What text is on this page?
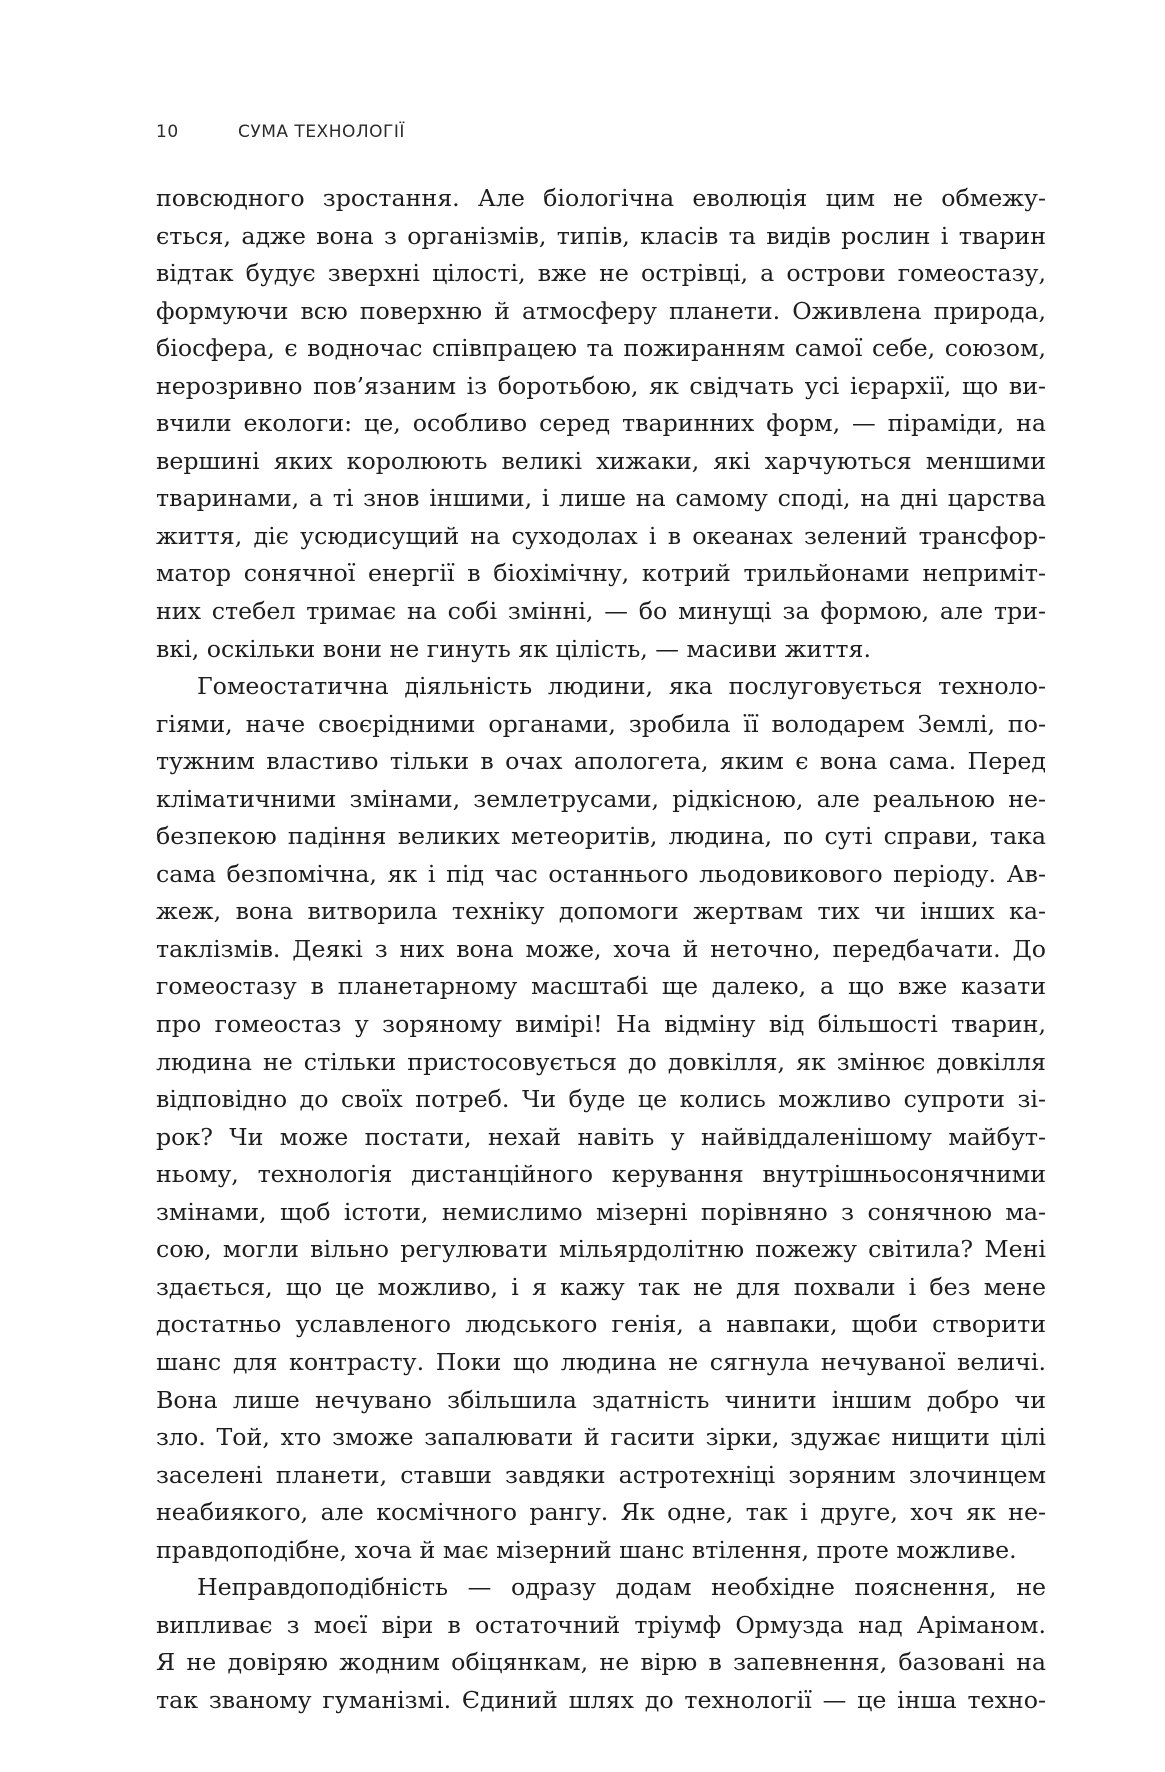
10	СУМА ТЕХНОЛОГІЇ
повсюдного зростання. Але біологічна еволюція цим не обмежу-
ється, адже вона з організмів, типів, класів та видів рослин і тварин
відтак будує зверхні цілості, вже не острівці, а острови гомеостазу,
формуючи всю поверхню й атмосферу планети. Оживлена природа,
біосфера, є водночас співпрацею та пожиранням самої себе, союзом,
нерозривно пов’язаним із боротьбою, як свідчать усі ієрархії, що ви-
вчили екологи: це, особливо серед тваринних форм, — піраміди, на
вершині яких королюють великі хижаки, які харчуються меншими
тваринами, а ті знов іншими, і лише на самому споді, на дні царства
життя, діє усюдисущий на суходолах і в океанах зелений трансфор-
матор сонячної енергії в біохімічну, котрий трильйонами неприміт-
них стебел тримає на собі змінні, — бо минущі за формою, але три-
вкі, оскільки вони не гинуть як цілість, — масиви життя.
Гомеостатична діяльність людини, яка послуговується техноло-
гіями, наче своєрідними органами, зробила її володарем Землі, по-
тужним властиво тільки в очах апологета, яким є вона сама. Перед
кліматичними змінами, землетрусами, рідкісною, але реальною не-
безпекою падіння великих метеоритів, людина, по суті справи, така
сама безпомічна, як і під час останнього льодовикового періоду. Ав-
жеж, вона витворила техніку допомоги жертвам тих чи інших ка-
таклізмів. Деякі з них вона може, хоча й неточно, передбачати. До
гомеостазу в планетарному масштабі ще далеко, а що вже казати
про гомеостаз у зоряному вимірі! На відміну від більшості тварин,
людина не стільки пристосовується до довкілля, як змінює довкілля
відповідно до своїх потреб. Чи буде це колись можливо супроти зі-
рок? Чи може постати, нехай навіть у найвіддаленішому майбут-
ньому, технологія дистанційного керування внутрішньосонячними
змінами, щоб істоти, немислимо мізерні порівняно з сонячною ма-
сою, могли вільно регулювати мільярдолітню пожежу світила? Мені
здається, що це можливо, і я кажу так не для похвали і без мене
достатньо уславленого людського генія, а навпаки, щоби створити
шанс для контрасту. Поки що людина не сягнула нечуваної величі.
Вона лише нечувано збільшила здатність чинити іншим добро чи
зло. Той, хто зможе запалювати й гасити зірки, здужає нищити цілі
заселені планети, ставши завдяки астротехніці зоряним злочинцем
неабиякого, але космічного рангу. Як одне, так і друге, хоч як не-
правдоподібне, хоча й має мізерний шанс втілення, проте можливе.
Неправдоподібність — одразу додам необхідне пояснення, не
випливає з моєї віри в остаточний тріумф Ормузда над Аріманом.
Я не довіряю жодним обіцянкам, не вірю в запевнення, базовані на
так званому гуманізмі. Єдиний шлях до технології — це інша техно-
